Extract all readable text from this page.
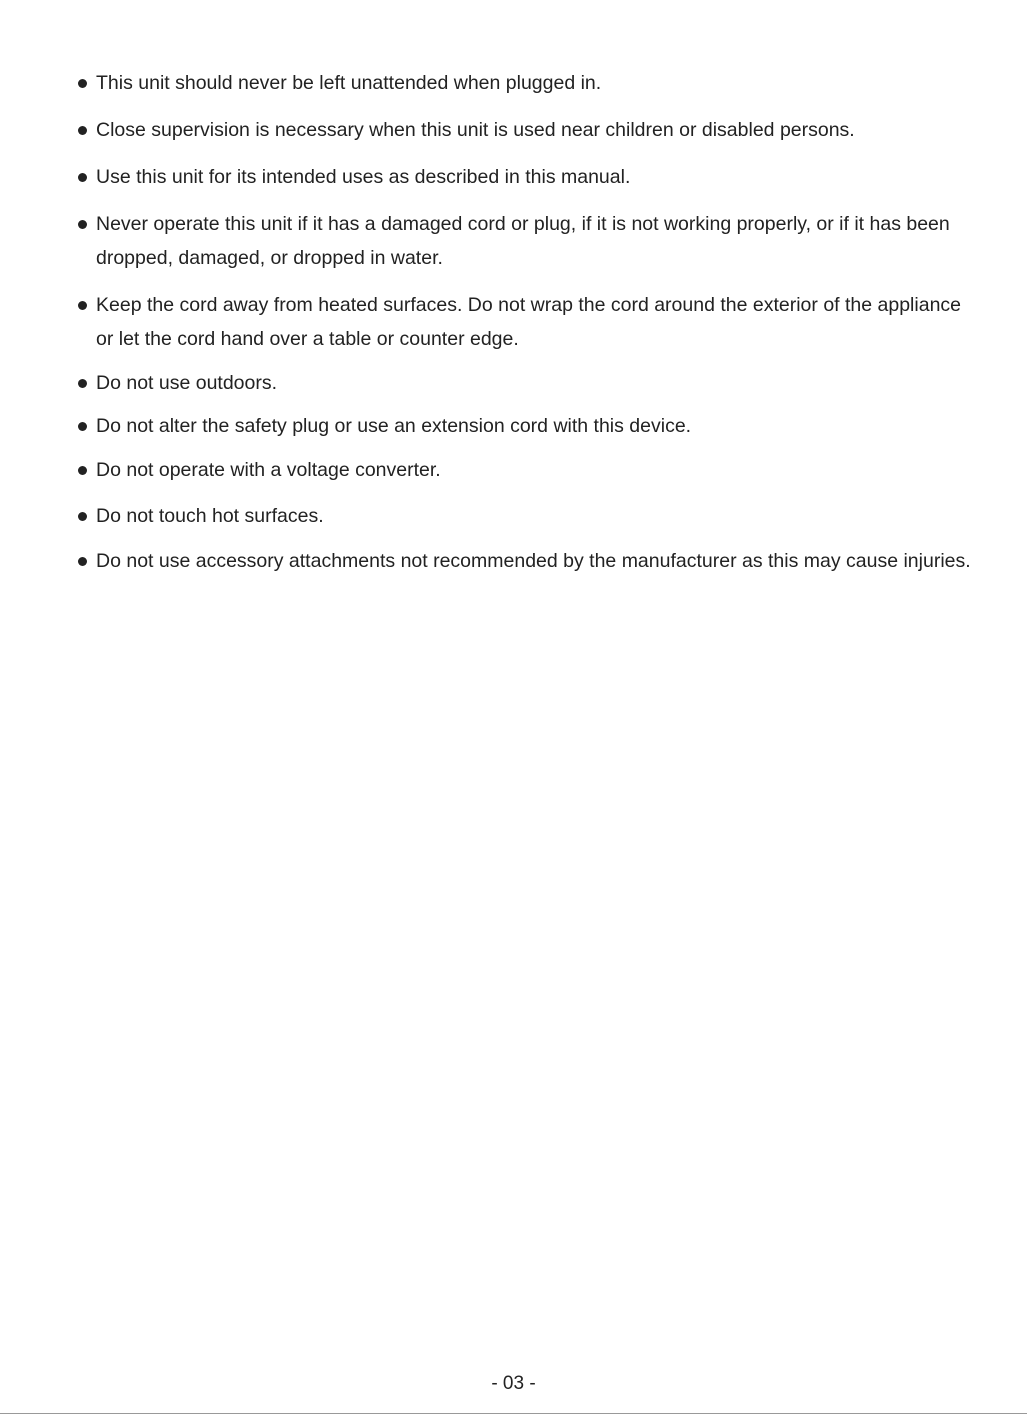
This unit should never be left unattended when plugged in.
Close supervision is necessary when this unit is used near children or disabled persons.
Use this unit for its intended uses as described in this manual.
Never operate this unit if it has a damaged cord or plug, if it is not working properly, or if it has been dropped, damaged, or dropped in water.
Keep the cord away from heated surfaces. Do not wrap the cord around the exterior of the appliance or let the cord hand over a table or counter edge.
Do not use outdoors.
Do not alter the safety plug or use an extension cord with this device.
Do not operate with a voltage converter.
Do not touch hot surfaces.
Do not use accessory attachments not recommended by the manufacturer as this may cause injuries.
- 03 -
